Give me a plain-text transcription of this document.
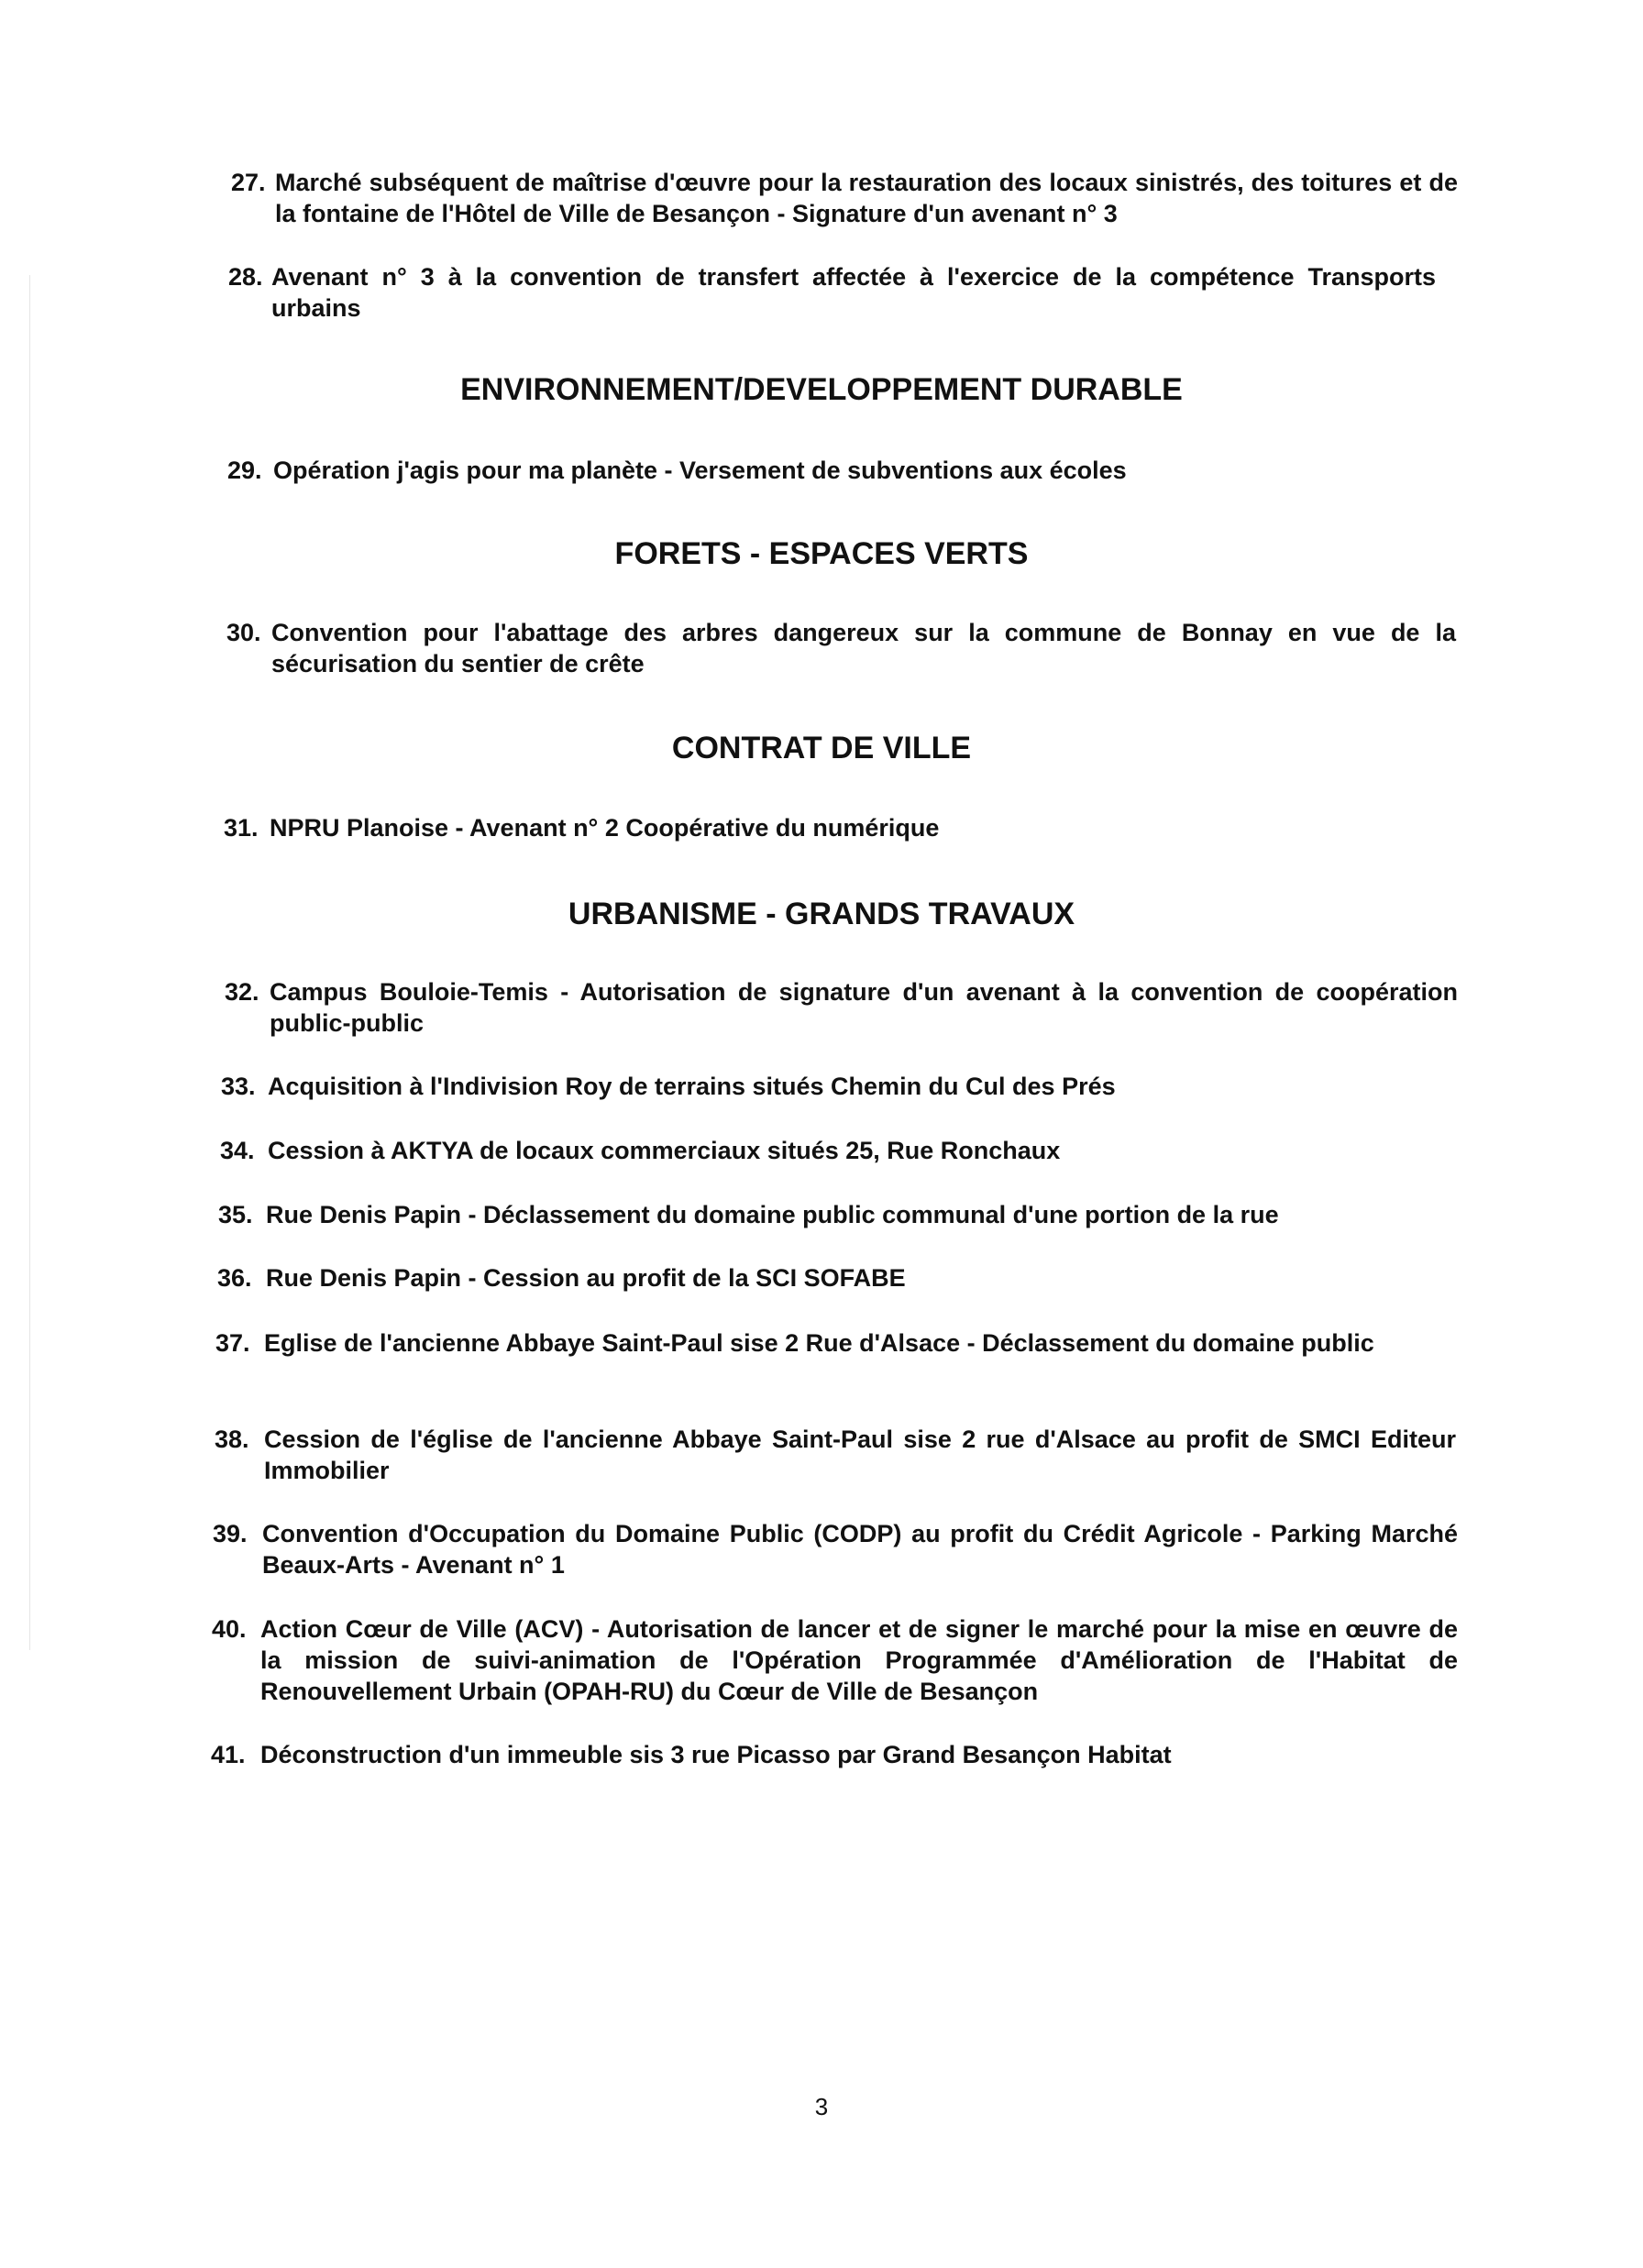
27. Marché subséquent de maîtrise d'œuvre pour la restauration des locaux sinistrés, des toitures et de la fontaine de l'Hôtel de Ville de Besançon - Signature d'un avenant n° 3
28. Avenant n° 3 à la convention de transfert affectée à l'exercice de la compétence Transports urbains
ENVIRONNEMENT/DEVELOPPEMENT DURABLE
29. Opération j'agis pour ma planète - Versement de subventions aux écoles
FORETS - ESPACES VERTS
30. Convention pour l'abattage des arbres dangereux sur la commune de Bonnay en vue de la sécurisation du sentier de crête
CONTRAT DE VILLE
31. NPRU Planoise - Avenant n° 2 Coopérative du numérique
URBANISME - GRANDS TRAVAUX
32. Campus Bouloie-Temis - Autorisation de signature d'un avenant à la convention de coopération public-public
33. Acquisition à l'Indivision Roy de terrains situés Chemin du Cul des Prés
34. Cession à AKTYA de locaux commerciaux situés 25, Rue Ronchaux
35. Rue Denis Papin - Déclassement du domaine public communal d'une portion de la rue
36. Rue Denis Papin - Cession au profit de la SCI SOFABE
37. Eglise de l'ancienne Abbaye Saint-Paul sise 2 Rue d'Alsace - Déclassement du domaine public
38. Cession de l'église de l'ancienne Abbaye Saint-Paul sise 2 rue d'Alsace au profit de SMCI Editeur Immobilier
39. Convention d'Occupation du Domaine Public (CODP) au profit du Crédit Agricole - Parking Marché Beaux-Arts - Avenant n° 1
40. Action Cœur de Ville (ACV) - Autorisation de lancer et de signer le marché pour la mise en œuvre de la mission de suivi-animation de l'Opération Programmée d'Amélioration de l'Habitat de Renouvellement Urbain (OPAH-RU) du Cœur de Ville de Besançon
41. Déconstruction d'un immeuble sis 3 rue Picasso par Grand Besançon Habitat
3
